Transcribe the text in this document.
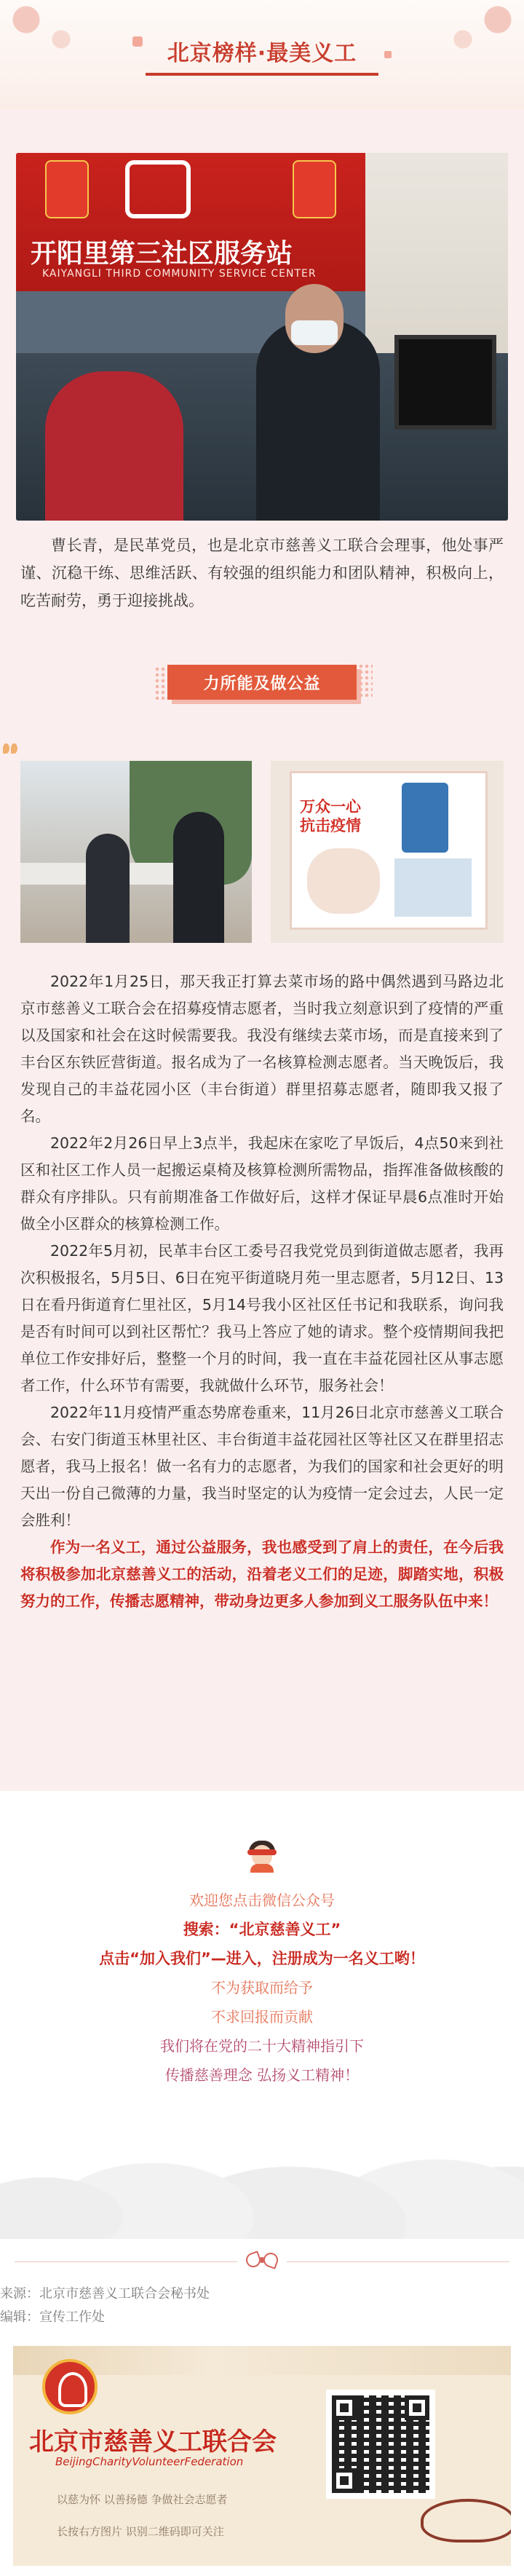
北京榜样·最美义工
开阳里第三社区服务站
KAIYANGLI THIRD COMMUNITY SERVICE CENTER

曹长青，是民革党员，也是北京市慈善义工联合会理事，他处事严谨、沉稳干练、思维活跃、有较强的组织能力和团队精神，积极向上，吃苦耐劳，勇于迎接挑战。

力所能及做公益
万众一心
抗击疫情

2022年1月25日，那天我正打算去菜市场的路中偶然遇到马路边北京市慈善义工联合会在招募疫情志愿者，当时我立刻意识到了疫情的严重以及国家和社会在这时候需要我。我没有继续去菜市场，而是直接来到了丰台区东铁匠营街道。报名成为了一名核算检测志愿者。当天晚饭后，我发现自己的丰益花园小区（丰台街道）群里招募志愿者，随即我又报了名。

2022年2月26日早上3点半，我起床在家吃了早饭后，4点50来到社区和社区工作人员一起搬运桌椅及核算检测所需物品，指挥准备做核酸的群众有序排队。只有前期准备工作做好后，这样才保证早晨6点准时开始做全小区群众的核算检测工作。

2022年5月初，民革丰台区工委号召我党党员到街道做志愿者，我再次积极报名，5月5日、6日在宛平街道晓月苑一里志愿者，5月12日、13日在看丹街道育仁里社区，5月14号我小区社区任书记和我联系，询问我是否有时间可以到社区帮忙？我马上答应了她的请求。整个疫情期间我把单位工作安排好后，整整一个月的时间，我一直在丰益花园社区从事志愿者工作，什么环节有需要，我就做什么环节，服务社会！

2022年11月疫情严重态势席卷重来，11月26日北京市慈善义工联合会、右安门街道玉林里社区、丰台街道丰益花园社区等社区又在群里招志愿者，我马上报名！做一名有力的志愿者，为我们的国家和社会更好的明天出一份自己微薄的力量，我当时坚定的认为疫情一定会过去，人民一定会胜利！

作为一名义工，通过公益服务，我也感受到了肩上的责任，在今后我将积极参加北京慈善义工的活动，沿着老义工们的足迹，脚踏实地，积极努力的工作，传播志愿精神，带动身边更多人参加到义工服务队伍中来！

欢迎您点击微信公众号
搜索：“北京慈善义工”
点击“加入我们”—进入，注册成为一名义工哟！
不为获取而给予
不求回报而贡献
我们将在党的二十大精神指引下
传播慈善理念 弘扬义工精神！
来源：北京市慈善义工联合会秘书处
编辑：宣传工作处
北京市慈善义工联合会
BeijingCharityVolunteerFederation
以慈为怀 以善扬德 争做社会志愿者
长按右方图片 识别二维码即可关注
